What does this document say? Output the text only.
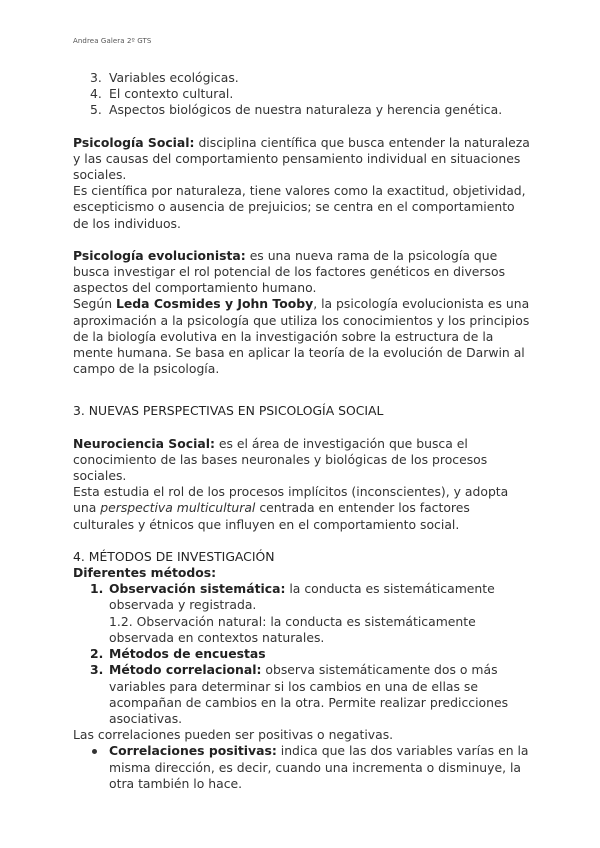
Andrea Galera 2º GTS
3. Variables ecológicas.
4. El contexto cultural.
5. Aspectos biológicos de nuestra naturaleza y herencia genética.

Psicología Social: disciplina científica que busca entender la naturaleza y las causas del comportamiento pensamiento individual en situaciones sociales.

Es científica por naturaleza, tiene valores como la exactitud, objetividad, escepticismo o ausencia de prejuicios; se centra en el comportamiento de los individuos.

Psicología evolucionista: es una nueva rama de la psicología que busca investigar el rol potencial de los factores genéticos en diversos aspectos del comportamiento humano.

Según Leda Cosmides y John Tooby, la psicología evolucionista es una aproximación a la psicología que utiliza los conocimientos y los principios de la biología evolutiva en la investigación sobre la estructura de la mente humana. Se basa en aplicar la teoría de la evolución de Darwin al campo de la psicología.

3. NUEVAS PERSPECTIVAS EN PSICOLOGÍA SOCIAL

Neurociencia Social: es el área de investigación que busca el conocimiento de las bases neuronales y biológicas de los procesos sociales.

Esta estudia el rol de los procesos implícitos (inconscientes), y adopta una perspectiva multicultural centrada en entender los factores culturales y étnicos que influyen en el comportamiento social.

4. MÉTODOS DE INVESTIGACIÓN

Diferentes métodos:

1. Observación sistemática: la conducta es sistemáticamente observada y registrada.
1.2. Observación natural: la conducta es sistemáticamente observada en contextos naturales.
2. Métodos de encuestas
3. Método correlacional: observa sistemáticamente dos o más variables para determinar si los cambios en una de ellas se acompañan de cambios en la otra. Permite realizar predicciones asociativas.

Las correlaciones pueden ser positivas o negativas.

Correlaciones positivas: indica que las dos variables varías en la misma dirección, es decir, cuando una incrementa o disminuye, la otra también lo hace.
